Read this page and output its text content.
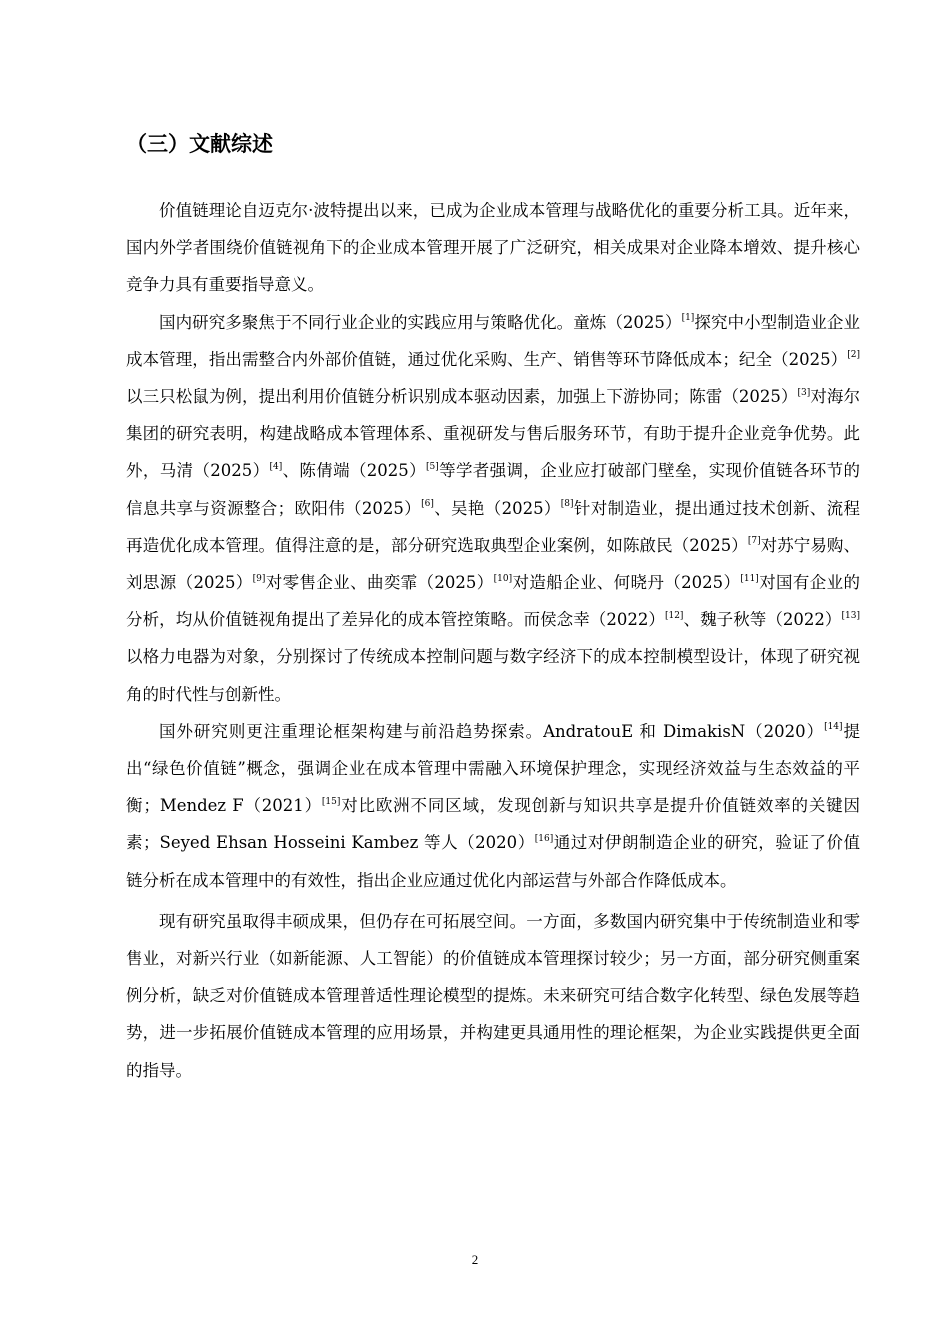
（三）文献综述

价值链理论自迈克尔·波特提出以来，已成为企业成本管理与战略优化的重要分析工具。近年来，国内外学者围绕价值链视角下的企业成本管理开展了广泛研究，相关成果对企业降本增效、提升核心竞争力具有重要指导意义。

国内研究多聚焦于不同行业企业的实践应用与策略优化。童炼（2025）[1]探究中小型制造业企业成本管理，指出需整合内外部价值链，通过优化采购、生产、销售等环节降低成本；纪全（2025）[2]以三只松鼠为例，提出利用价值链分析识别成本驱动因素，加强上下游协同；陈雷（2025）[3]对海尔集团的研究表明，构建战略成本管理体系、重视研发与售后服务环节，有助于提升企业竞争优势。此外，马清（2025）[4]、陈倩端（2025）[5]等学者强调，企业应打破部门壁垒，实现价值链各环节的信息共享与资源整合；欧阳伟（2025）[6]、吴艳（2025）[8]针对制造业，提出通过技术创新、流程再造优化成本管理。值得注意的是，部分研究选取典型企业案例，如陈啟民（2025）[7]对苏宁易购、刘思源（2025）[9]对零售企业、曲奕霏（2025）[10]对造船企业、何晓丹（2025）[11]对国有企业的分析，均从价值链视角提出了差异化的成本管控策略。而侯念幸（2022）[12]、魏子秋等（2022）[13]以格力电器为对象，分别探讨了传统成本控制问题与数字经济下的成本控制模型设计，体现了研究视角的时代性与创新性。

国外研究则更注重理论框架构建与前沿趋势探索。AndratouE 和 DimakisN（2020）[14]提出“绿色价值链”概念，强调企业在成本管理中需融入环境保护理念，实现经济效益与生态效益的平衡；Mendez F（2021）[15]对比欧洲不同区域，发现创新与知识共享是提升价值链效率的关键因素；Seyed Ehsan Hosseini Kambez 等人（2020）[16]通过对伊朗制造企业的研究，验证了价值链分析在成本管理中的有效性，指出企业应通过优化内部运营与外部合作降低成本。

现有研究虽取得丰硕成果，但仍存在可拓展空间。一方面，多数国内研究集中于传统制造业和零售业，对新兴行业（如新能源、人工智能）的价值链成本管理探讨较少；另一方面，部分研究侧重案例分析，缺乏对价值链成本管理普适性理论模型的提炼。未来研究可结合数字化转型、绿色发展等趋势，进一步拓展价值链成本管理的应用场景，并构建更具通用性的理论框架，为企业实践提供更全面的指导。

2
